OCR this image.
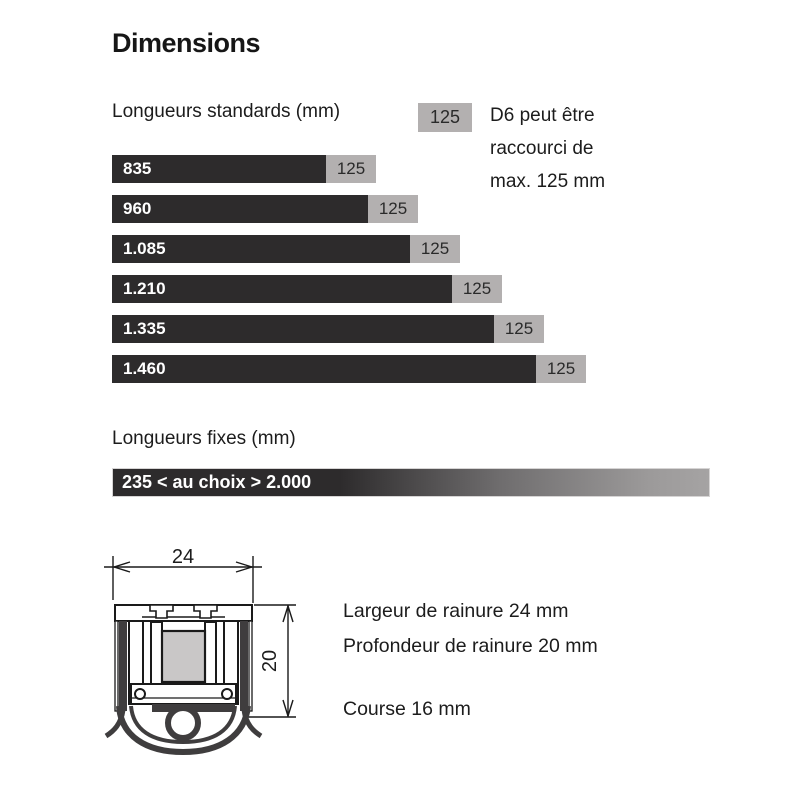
Dimensions
Longueurs standards (mm)	125 D6 peut être
raccourci de
max. 125 mm
835	125
960	125
1.085	125
1.210	125
1.335	125
1.460	125
Longueurs fixes (mm)
235 < au choix > 2.000
24
20
Largeur de rainure 24 mm
Profondeur de rainure 20 mm
Course 16 mm
